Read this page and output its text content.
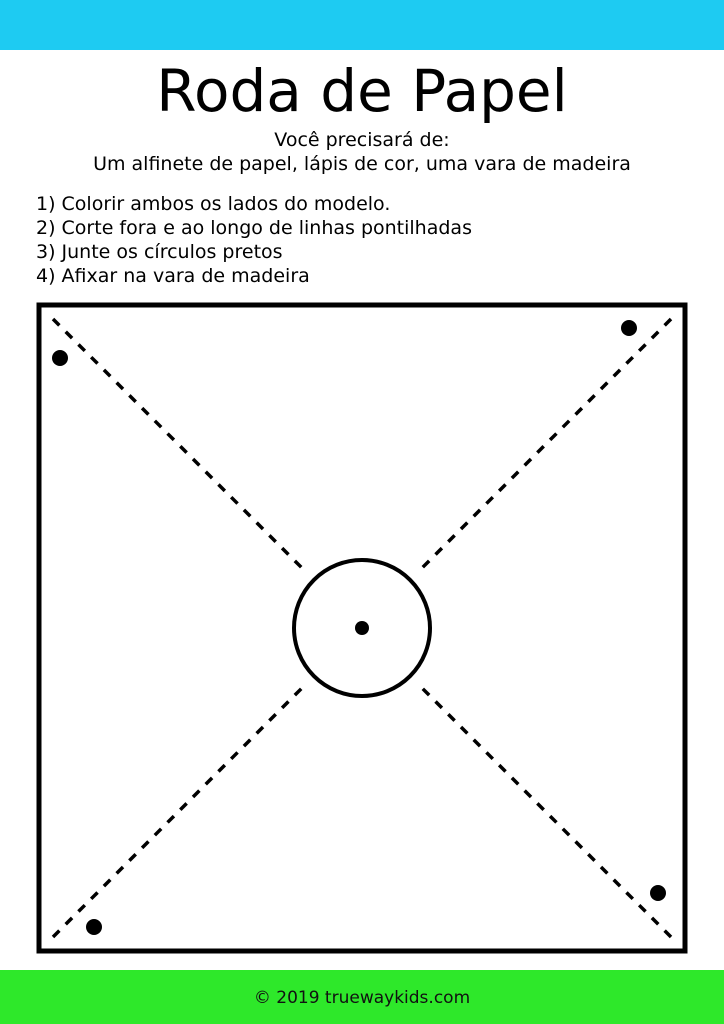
Roda de Papel
Você precisará de:
Um alfinete de papel, lápis de cor, uma vara de madeira
1) Colorir ambos os lados do modelo.
2) Corte fora e ao longo de linhas pontilhadas
3) Junte os círculos pretos
4) Afixar na vara de madeira
© 2019 truewaykids.com
